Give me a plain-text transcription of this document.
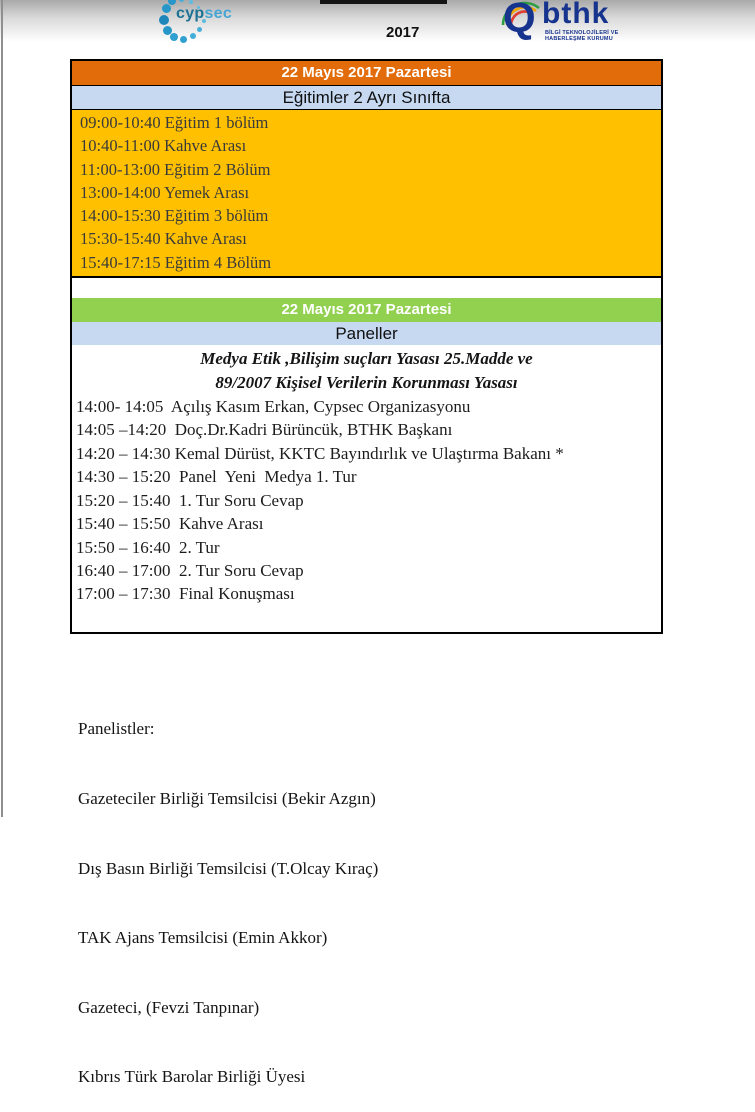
cypsec
2017 Q bthk
BİLGİ TEKNOLOJİLERİ VE
HABERLEŞME KURUMU
22 Mayıs 2017 Pazartesi
Eğitimler 2 Ayrı Sınıfta
09:00-10:40 Eğitim 1 bölüm
10:40-11:00 Kahve Arası
11:00-13:00 Eğitim 2 Bölüm
13:00-14:00 Yemek Arası
14:00-15:30 Eğitim 3 bölüm
15:30-15:40 Kahve Arası
15:40-17:15 Eğitim 4 Bölüm
22 Mayıs 2017 Pazartesi
Paneller
Medya Etik ,Bilişim suçları Yasası 25.Madde ve
89/2007 Kişisel Verilerin Korunması Yasası
14:00- 14:05  Açılış Kasım Erkan, Cypsec Organizasyonu
14:05 –14:20  Doç.Dr.Kadri Bürüncük, BTHK Başkanı
14:20 – 14:30 Kemal Dürüst, KKTC Bayındırlık ve Ulaştırma Bakanı *
14:30 – 15:20  Panel  Yeni  Medya 1. Tur
15:20 – 15:40  1. Tur Soru Cevap
15:40 – 15:50  Kahve Arası
15:50 – 16:40  2. Tur
16:40 – 17:00  2. Tur Soru Cevap
17:00 – 17:30  Final Konuşması

Panelistler:

Gazeteciler Birliği Temsilcisi (Bekir Azgın)

Dış Basın Birliği Temsilcisi (T.Olcay Kıraç)

TAK Ajans Temsilcisi (Emin Akkor)

Gazeteci, (Fevzi Tanpınar)

Kıbrıs Türk Barolar Birliği Üyesi
